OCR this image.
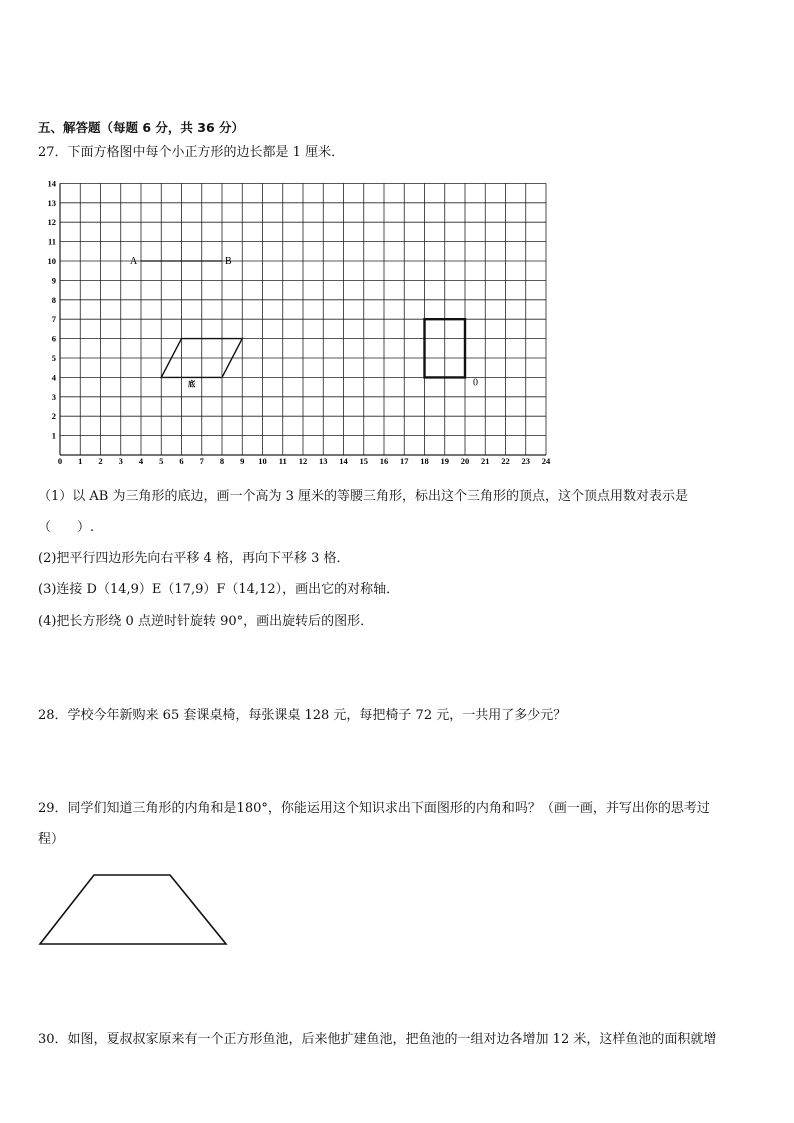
五、解答题（每题 6 分，共 36 分）
27．下面方格图中每个小正方形的边长都是 1 厘米．
0 1 2 3 4 5 6 7 8 9 10 11 12 13 14 15 16 17 18 19 20 21 22 23 24
1
2
3
4
5
6
7
8
9
10
11
12
13
14
A	B
底	0
（1）以 AB 为三角形的底边，画一个高为 3 厘米的等腰三角形，标出这个三角形的顶点，这个顶点用数对表示是
（　　）.
(2)把平行四边形先向右平移 4 格，再向下平移 3 格．
(3)连接 D（14,9）E（17,9）F（14,12），画出它的对称轴．
(4)把长方形绕 0 点逆时针旋转 90°，画出旋转后的图形．
28．学校今年新购来 65 套课桌椅，每张课桌 128 元，每把椅子 72 元，一共用了多少元？
29．同学们知道三角形的内角和是180°，你能运用这个知识求出下面图形的内角和吗？（画一画，并写出你的思考过
程）
30．如图，夏叔叔家原来有一个正方形鱼池，后来他扩建鱼池，把鱼池的一组对边各增加 12 米，这样鱼池的面积就增
